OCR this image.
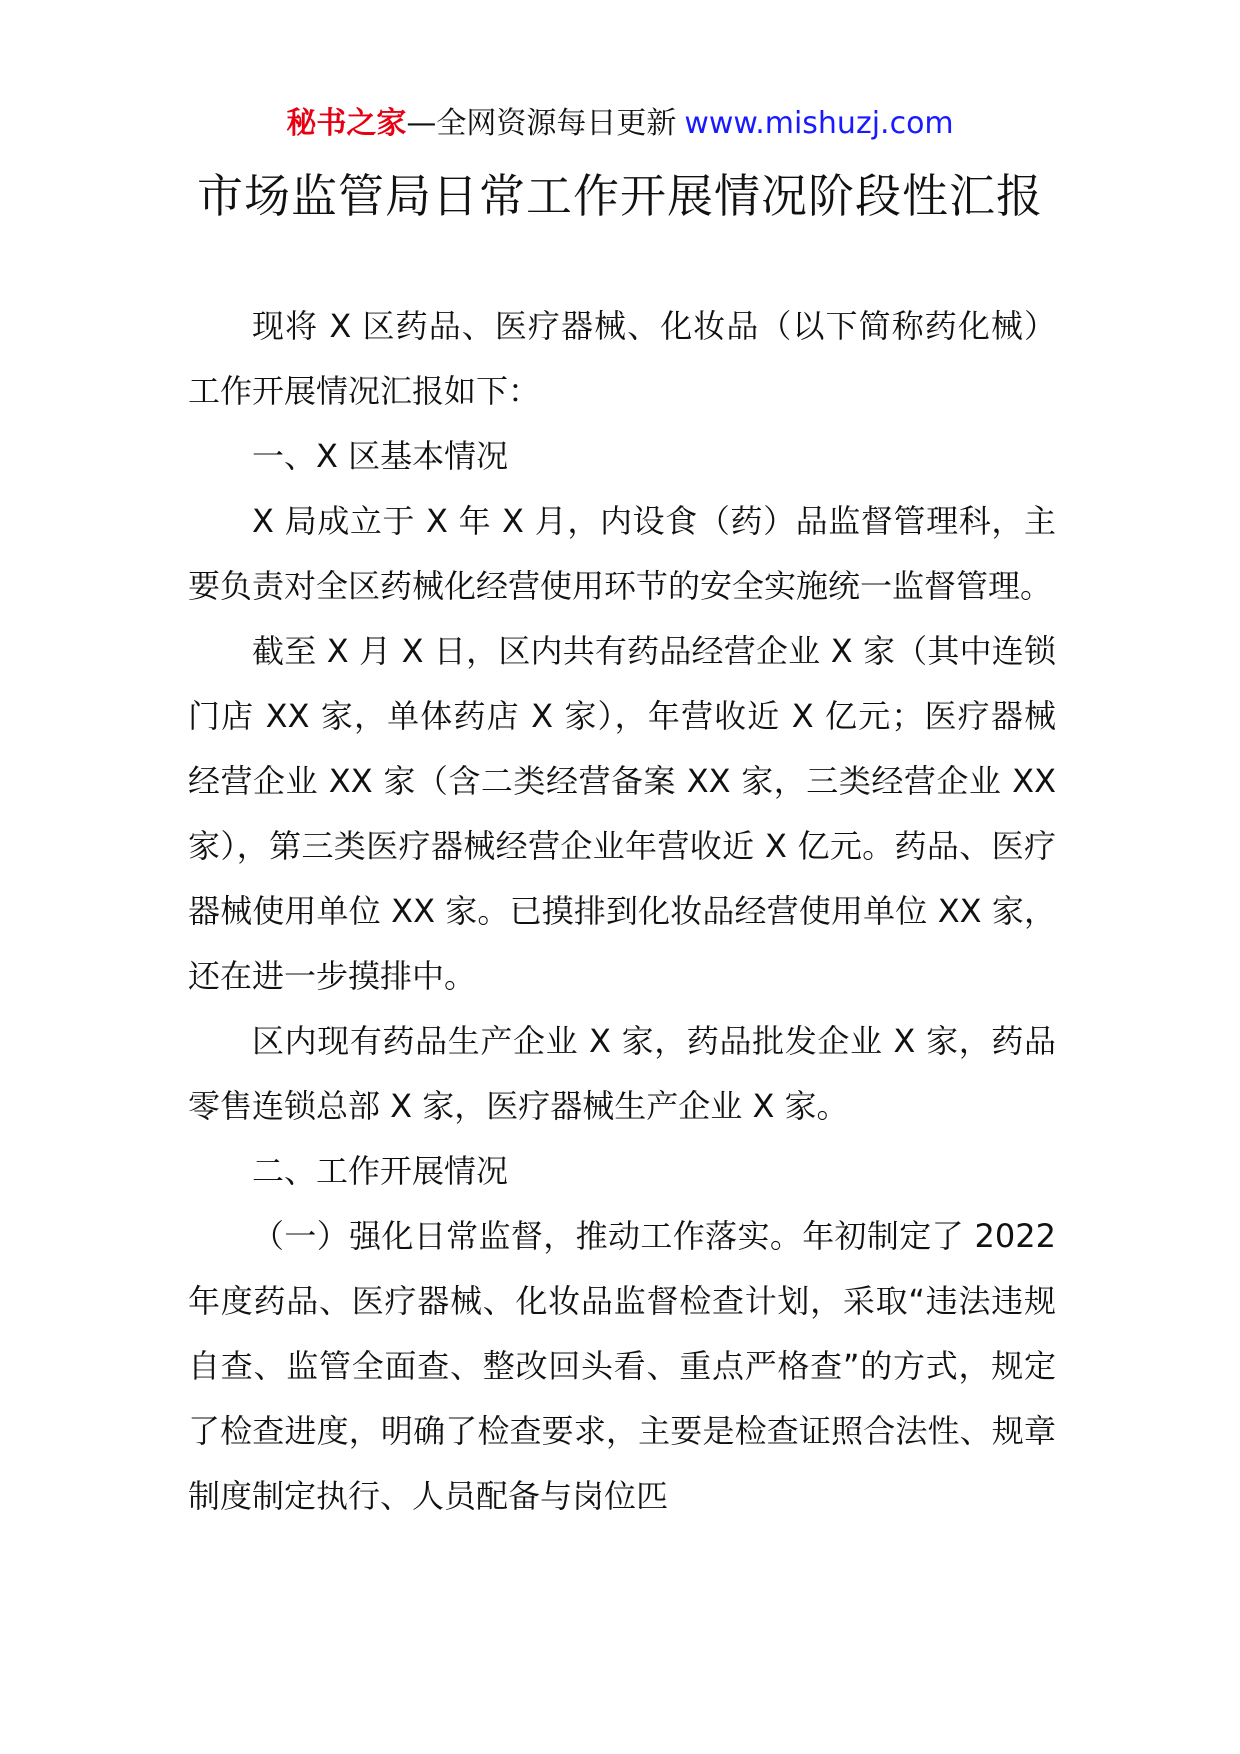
秘书之家—全网资源每日更新 www.mishuzj.com
市场监管局日常工作开展情况阶段性汇报

现将 X 区药品、医疗器械、化妆品（以下简称药化械）工作开展情况汇报如下：

一、X 区基本情况

X 局成立于 X 年 X 月，内设食（药）品监督管理科，主要负责对全区药械化经营使用环节的安全实施统一监督管理。

截至 X 月 X 日，区内共有药品经营企业 X 家（其中连锁门店 XX 家，单体药店 X 家），年营收近 X 亿元；医疗器械经营企业 XX 家（含二类经营备案 XX 家，三类经营企业 XX 家），第三类医疗器械经营企业年营收近 X 亿元。药品、医疗器械使用单位 XX 家。已摸排到化妆品经营使用单位 XX 家，还在进一步摸排中。

区内现有药品生产企业 X 家，药品批发企业 X 家，药品零售连锁总部 X 家，医疗器械生产企业 X 家。

二、工作开展情况

（一）强化日常监督，推动工作落实。年初制定了 2022 年度药品、医疗器械、化妆品监督检查计划，采取“违法违规自查、监管全面查、整改回头看、重点严格查”的方式，规定了检查进度，明确了检查要求，主要是检查证照合法性、规章制度制定执行、人员配备与岗位匹
